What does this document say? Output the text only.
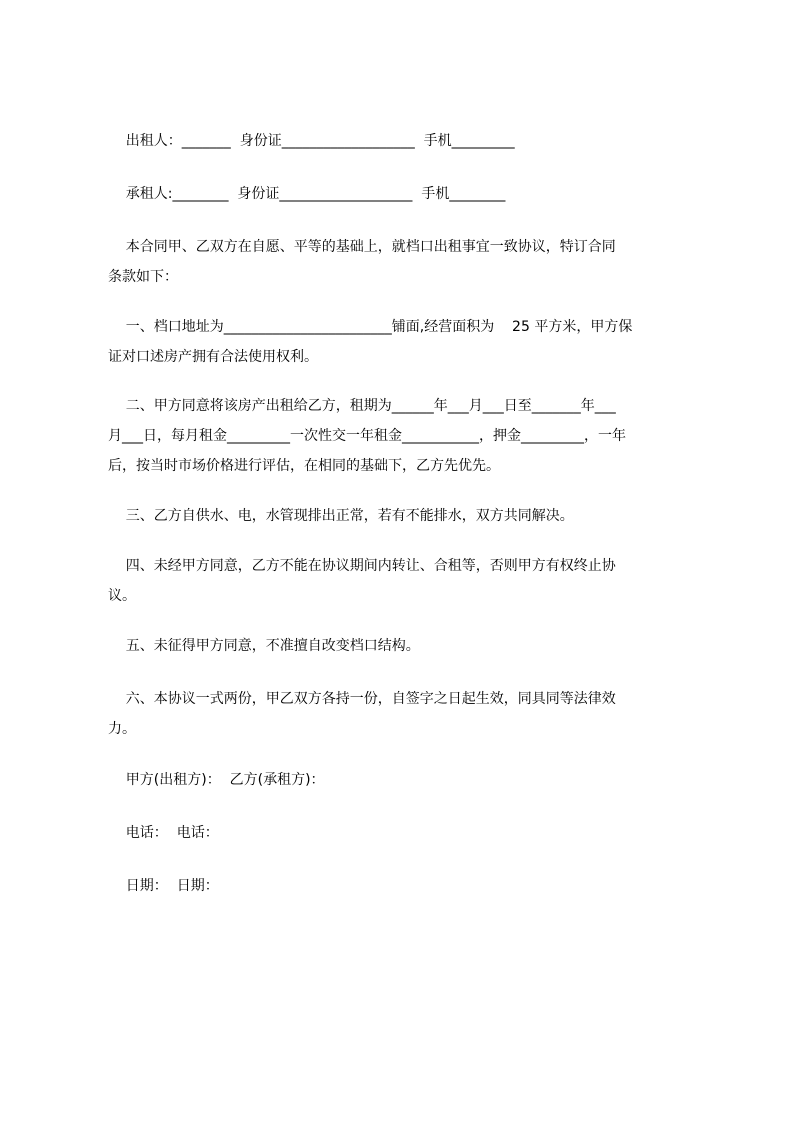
出租人：_______  身份证___________________  手机_________
承租人:________  身份证___________________  手机________
本合同甲、乙双方在自愿、平等的基础上，就档口出租事宜一致协议，特订合同
条款如下：
一、档口地址为________________________铺面,经营面积为    25 平方米，甲方保
证对口述房产拥有合法使用权利。
二、甲方同意将该房产出租给乙方，租期为______年___月___日至_______年___
月___日，每月租金_________一次性交一年租金___________，押金_________，一年
后，按当时市场价格进行评估，在相同的基础下，乙方先优先。
三、乙方自供水、电，水管现排出正常，若有不能排水，双方共同解决。
四、未经甲方同意，乙方不能在协议期间内转让、合租等，否则甲方有权终止协
议。
五、未征得甲方同意，不准擅自改变档口结构。
六、本协议一式两份，甲乙双方各持一份，自签字之日起生效，同具同等法律效
力。
甲方(出租方)：  乙方(承租方)：
电话：  电话：
日期：  日期：
